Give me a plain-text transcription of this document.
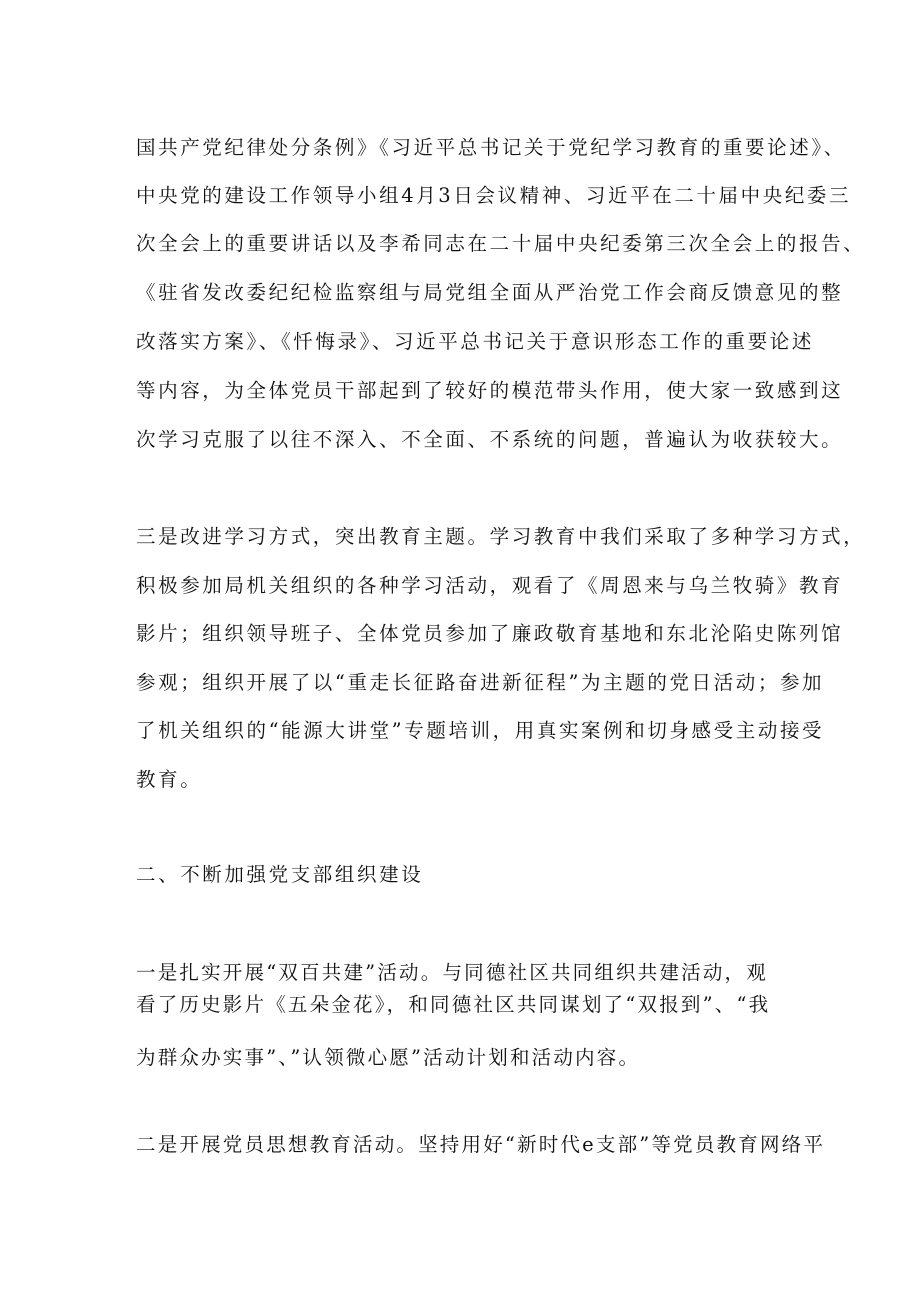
国共产党纪律处分条例》《习近平总书记关于党纪学习教育的重要论述》、
中央党的建设工作领导小组4月3日会议精神、习近平在二十届中央纪委三
次全会上的重要讲话以及李希同志在二十届中央纪委第三次全会上的报告、
《驻省发改委纪纪检监察组与局党组全面从严治党工作会商反馈意见的整
改落实方案》、《忏悔录》、习近平总书记关于意识形态工作的重要论述
等内容，为全体党员干部起到了较好的模范带头作用，使大家一致感到这
次学习克服了以往不深入、不全面、不系统的问题，普遍认为收获较大。
三是改进学习方式，突出教育主题。学习教育中我们采取了多种学习方式，
积极参加局机关组织的各种学习活动，观看了《周恩来与乌兰牧骑》教育
影片；组织领导班子、全体党员参加了廉政敬育基地和东北沦陷史陈列馆
参观；组织开展了以“重走长征路奋进新征程”为主题的党日活动；参加
了机关组织的“能源大讲堂”专题培训，用真实案例和切身感受主动接受
教育。
二、不断加强党支部组织建设
一是扎实开展“双百共建”活动。与同德社区共同组织共建活动，观
看了历史影片《五朵金花》，和同德社区共同谋划了“双报到”、“我
为群众办实事”、”认领微心愿”活动计划和活动内容。
二是开展党员思想教育活动。坚持用好“新时代e支部”等党员教育网络平
